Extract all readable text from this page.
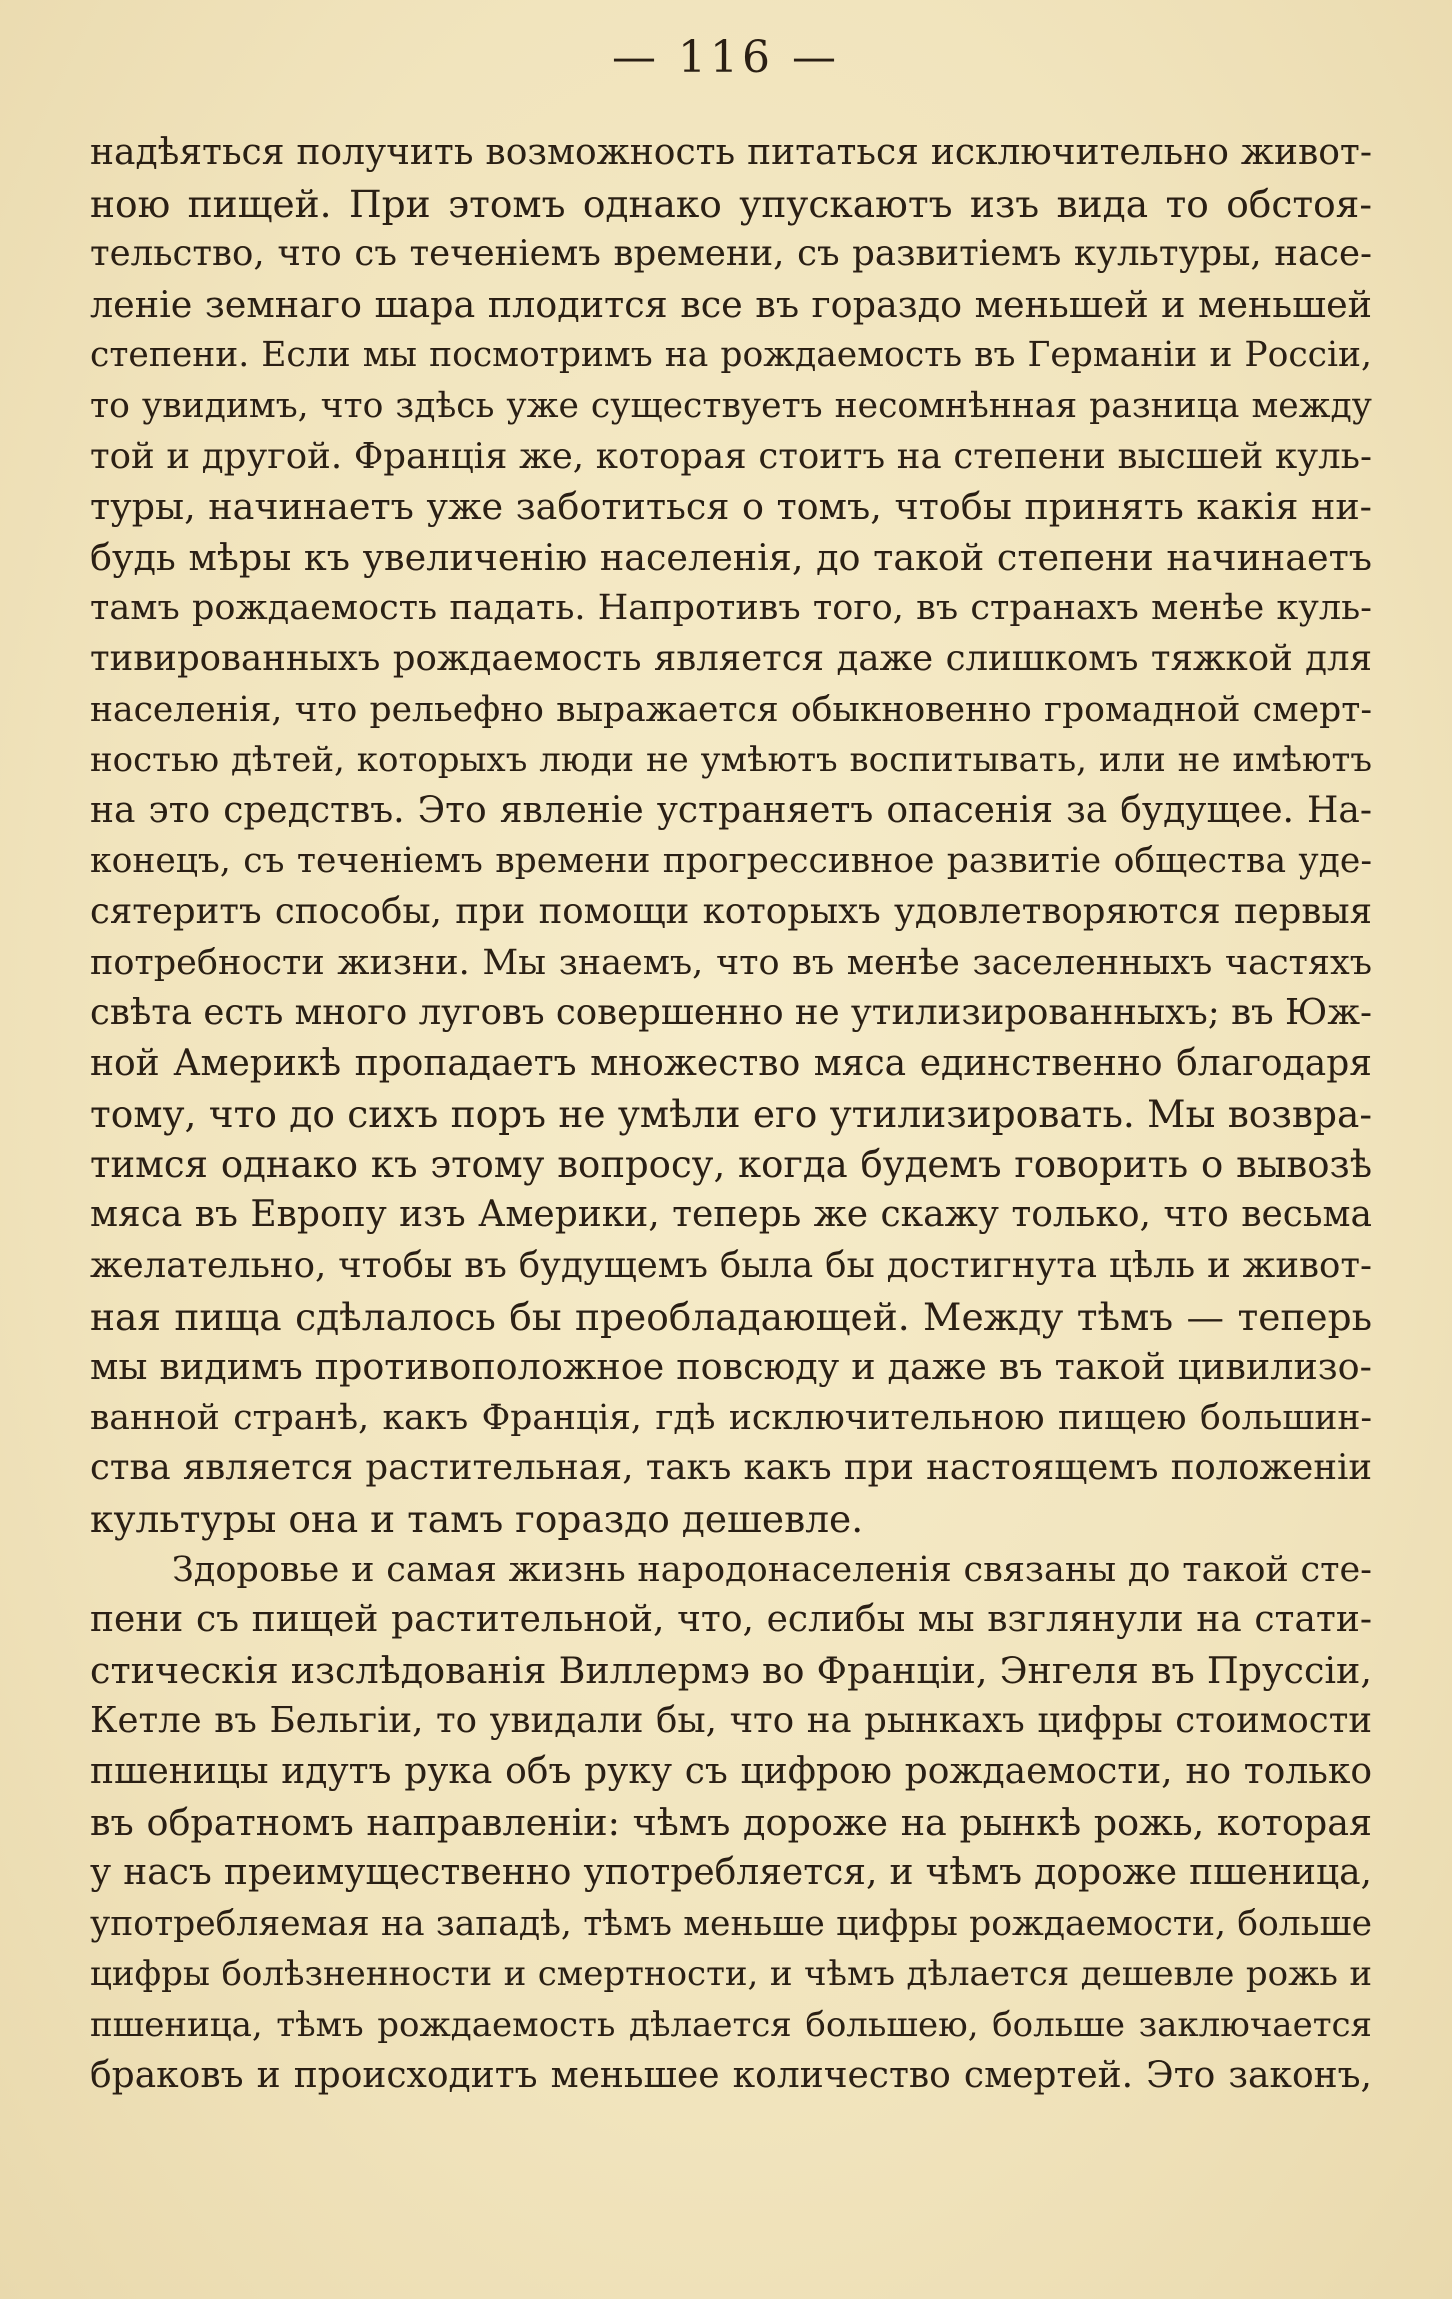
— 116 —
надѣяться получить возможность питаться исключительно живот-
ною пищей. При этомъ однако упускаютъ изъ вида то обстоя-
тельство, что съ теченіемъ времени, съ развитіемъ культуры, насе-
леніе земнаго шара плодится все въ гораздо меньшей и меньшей
степени. Если мы посмотримъ на рождаемость въ Германіи и Россіи,
то увидимъ, что здѣсь уже существуетъ несомнѣнная разница между
той и другой. Франція же, которая стоитъ на степени высшей куль-
туры, начинаетъ уже заботиться о томъ, чтобы принять какія ни-
будь мѣры къ увеличенію населенія, до такой степени начинаетъ
тамъ рождаемость падать. Напротивъ того, въ странахъ менѣе куль-
тивированныхъ рождаемость является даже слишкомъ тяжкой для
населенія, что рельефно выражается обыкновенно громадной смерт-
ностью дѣтей, которыхъ люди не умѣютъ воспитывать, или не имѣютъ
на это средствъ. Это явленіе устраняетъ опасенія за будущее. На-
конецъ, съ теченіемъ времени прогрессивное развитіе общества уде-
сятеритъ способы, при помощи которыхъ удовлетворяются первыя
потребности жизни. Мы знаемъ, что въ менѣе заселенныхъ частяхъ
свѣта есть много луговъ совершенно не утилизированныхъ; въ Юж-
ной Америкѣ пропадаетъ множество мяса единственно благодаря
тому, что до сихъ поръ не умѣли его утилизировать. Мы возвра-
тимся однако къ этому вопросу, когда будемъ говорить о вывозѣ
мяса въ Европу изъ Америки, теперь же скажу только, что весьма
желательно, чтобы въ будущемъ была бы достигнута цѣль и живот-
ная пища сдѣлалось бы преобладающей. Между тѣмъ — теперь
мы видимъ противоположное повсюду и даже въ такой цивилизо-
ванной странѣ, какъ Франція, гдѣ исключительною пищею большин-
ства является растительная, такъ какъ при настоящемъ положеніи
культуры она и тамъ гораздо дешевле.
Здоровье и самая жизнь народонаселенія связаны до такой сте-
пени съ пищей растительной, что, еслибы мы взглянули на стати-
стическія изслѣдованія Виллермэ во Франціи, Энгеля въ Пруссіи,
Кетле въ Бельгіи, то увидали бы, что на рынкахъ цифры стоимости
пшеницы идутъ рука объ руку съ цифрою рождаемости, но только
въ обратномъ направленіи: чѣмъ дороже на рынкѣ рожь, которая
у насъ преимущественно употребляется, и чѣмъ дороже пшеница,
употребляемая на западѣ, тѣмъ меньше цифры рождаемости, больше
цифры болѣзненности и смертности, и чѣмъ дѣлается дешевле рожь и
пшеница, тѣмъ рождаемость дѣлается большею, больше заключается
браковъ и происходитъ меньшее количество смертей. Это законъ,
